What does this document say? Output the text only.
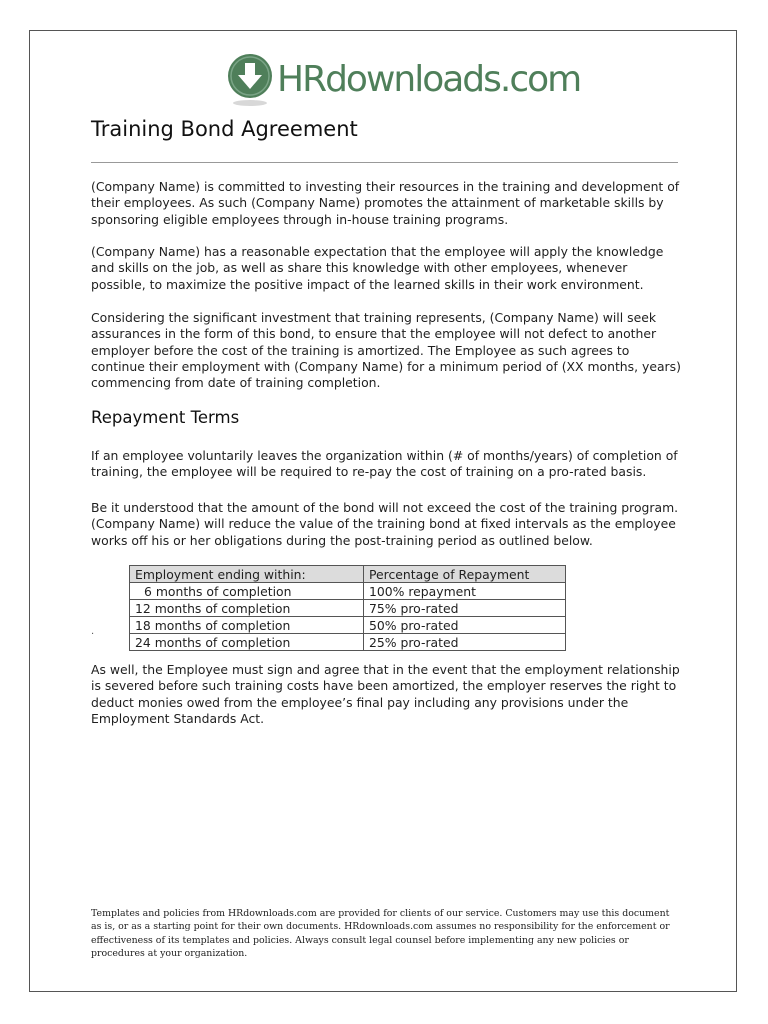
HRdownloads.com
Training Bond Agreement

(Company Name) is committed to investing their resources in the training and development of their employees. As such (Company Name) promotes the attainment of marketable skills by sponsoring eligible employees through in-house training programs.

(Company Name) has a reasonable expectation that the employee will apply the knowledge and skills on the job, as well as share this knowledge with other employees, whenever possible, to maximize the positive impact of the learned skills in their work environment.

Considering the significant investment that training represents, (Company Name) will seek assurances in the form of this bond, to ensure that the employee will not defect to another employer before the cost of the training is amortized. The Employee as such agrees to continue their employment with (Company Name) for a minimum period of (XX months, years) commencing from date of training completion.

Repayment Terms

If an employee voluntarily leaves the organization within (# of months/years) of completion of training, the employee will be required to re-pay the cost of training on a pro-rated basis.

Be it understood that the amount of the bond will not exceed the cost of the training program. (Company Name) will reduce the value of the training bond at fixed intervals as the employee works off his or her obligations during the post-training period as outlined below.

Employment ending within:	Percentage of Repayment
6 months of completion	100% repayment
12 months of completion	75% pro-rated
18 months of completion	50% pro-rated
24 months of completion	25% pro-rated
·

As well, the Employee must sign and agree that in the event that the employment relationship is severed before such training costs have been amortized, the employer reserves the right to deduct monies owed from the employee’s final pay including any provisions under the Employment Standards Act.

Templates and policies from HRdownloads.com are provided for clients of our service. Customers may use this document as is, or as a starting point for their own documents. HRdownloads.com assumes no responsibility for the enforcement or effectiveness of its templates and policies. Always consult legal counsel before implementing any new policies or procedures at your organization.
